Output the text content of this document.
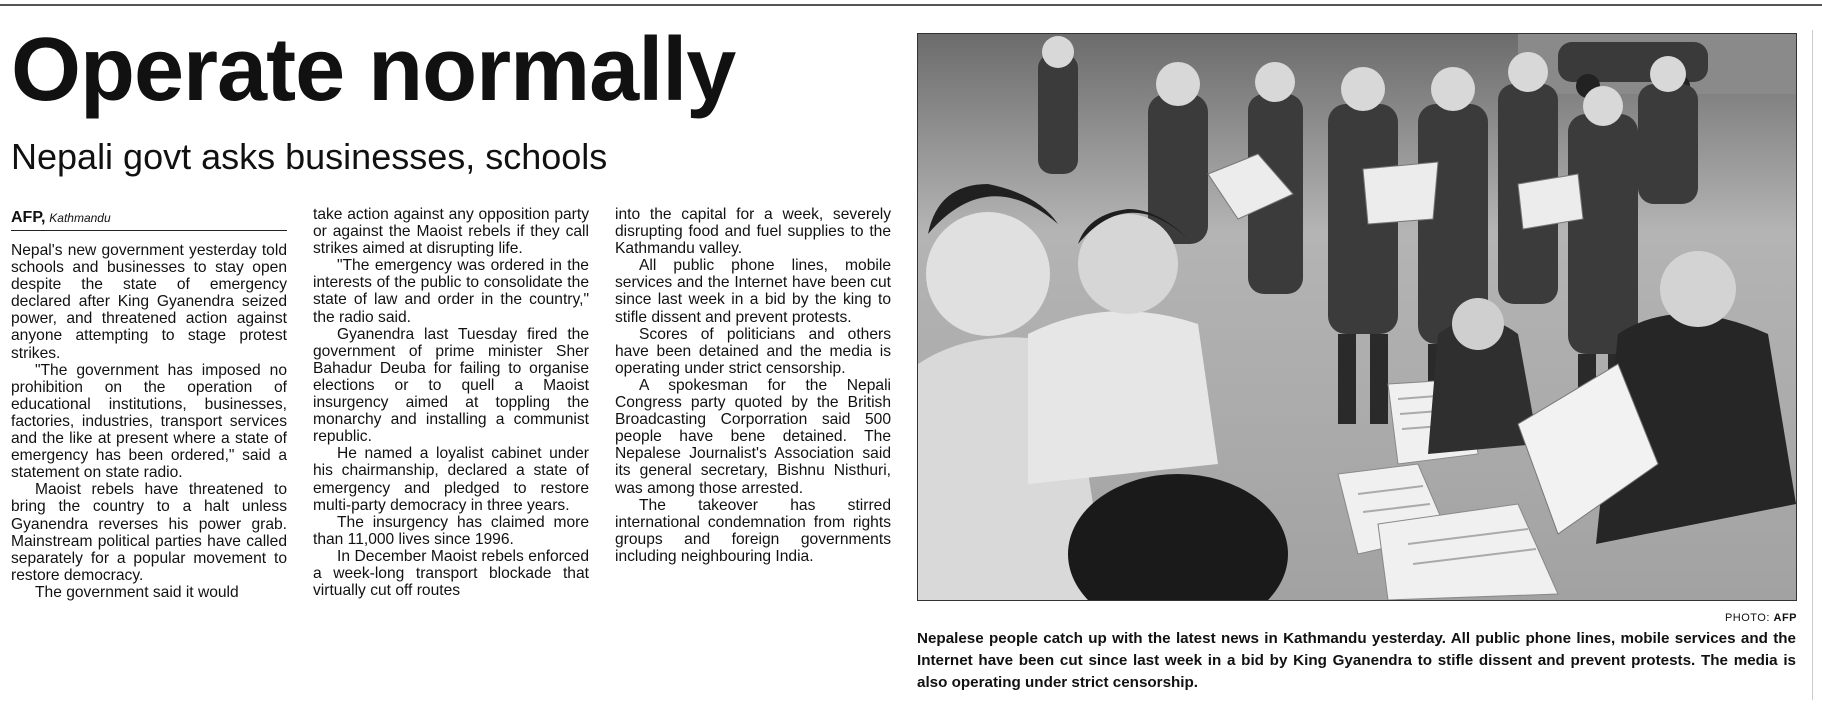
Operate normally
Nepali govt asks businesses, schools
AFP, Kathmandu

Nepal's new government yesterday told schools and businesses to stay open despite the state of emergency declared after King Gyanendra seized power, and threatened action against anyone attempting to stage protest strikes.

"The government has imposed no prohibition on the operation of educational institutions, businesses, factories, industries, transport services and the like at present where a state of emergency has been ordered," said a statement on state radio.

Maoist rebels have threatened to bring the country to a halt unless Gyanendra reverses his power grab. Mainstream political parties have called separately for a popular movement to restore democracy.

The government said it would

take action against any opposition party or against the Maoist rebels if they call strikes aimed at disrupting life.

"The emergency was ordered in the interests of the public to consolidate the state of law and order in the country," the radio said.

Gyanendra last Tuesday fired the government of prime minister Sher Bahadur Deuba for failing to organise elections or to quell a Maoist insurgency aimed at toppling the monarchy and installing a communist republic.

He named a loyalist cabinet under his chairmanship, declared a state of emergency and pledged to restore multi-party democracy in three years.

The insurgency has claimed more than 11,000 lives since 1996.

In December Maoist rebels enforced a week-long transport blockade that virtually cut off routes

into the capital for a week, severely disrupting food and fuel supplies to the Kathmandu valley.

All public phone lines, mobile services and the Internet have been cut since last week in a bid by the king to stifle dissent and prevent protests.

Scores of politicians and others have been detained and the media is operating under strict censorship.

A spokesman for the Nepali Congress party quoted by the British Broadcasting Corporration said 500 people have bene detained. The Nepalese Journalist's Association said its general secretary, Bishnu Nisthuri, was among those arrested.

The takeover has stirred international condemnation from rights groups and foreign governments including neighbouring India.

PHOTO: AFP

Nepalese people catch up with the latest news in Kathmandu yesterday. All public phone lines, mobile services and the Internet have been cut since last week in a bid by King Gyanendra to stifle dissent and prevent protests. The media is also operating under strict censorship.
